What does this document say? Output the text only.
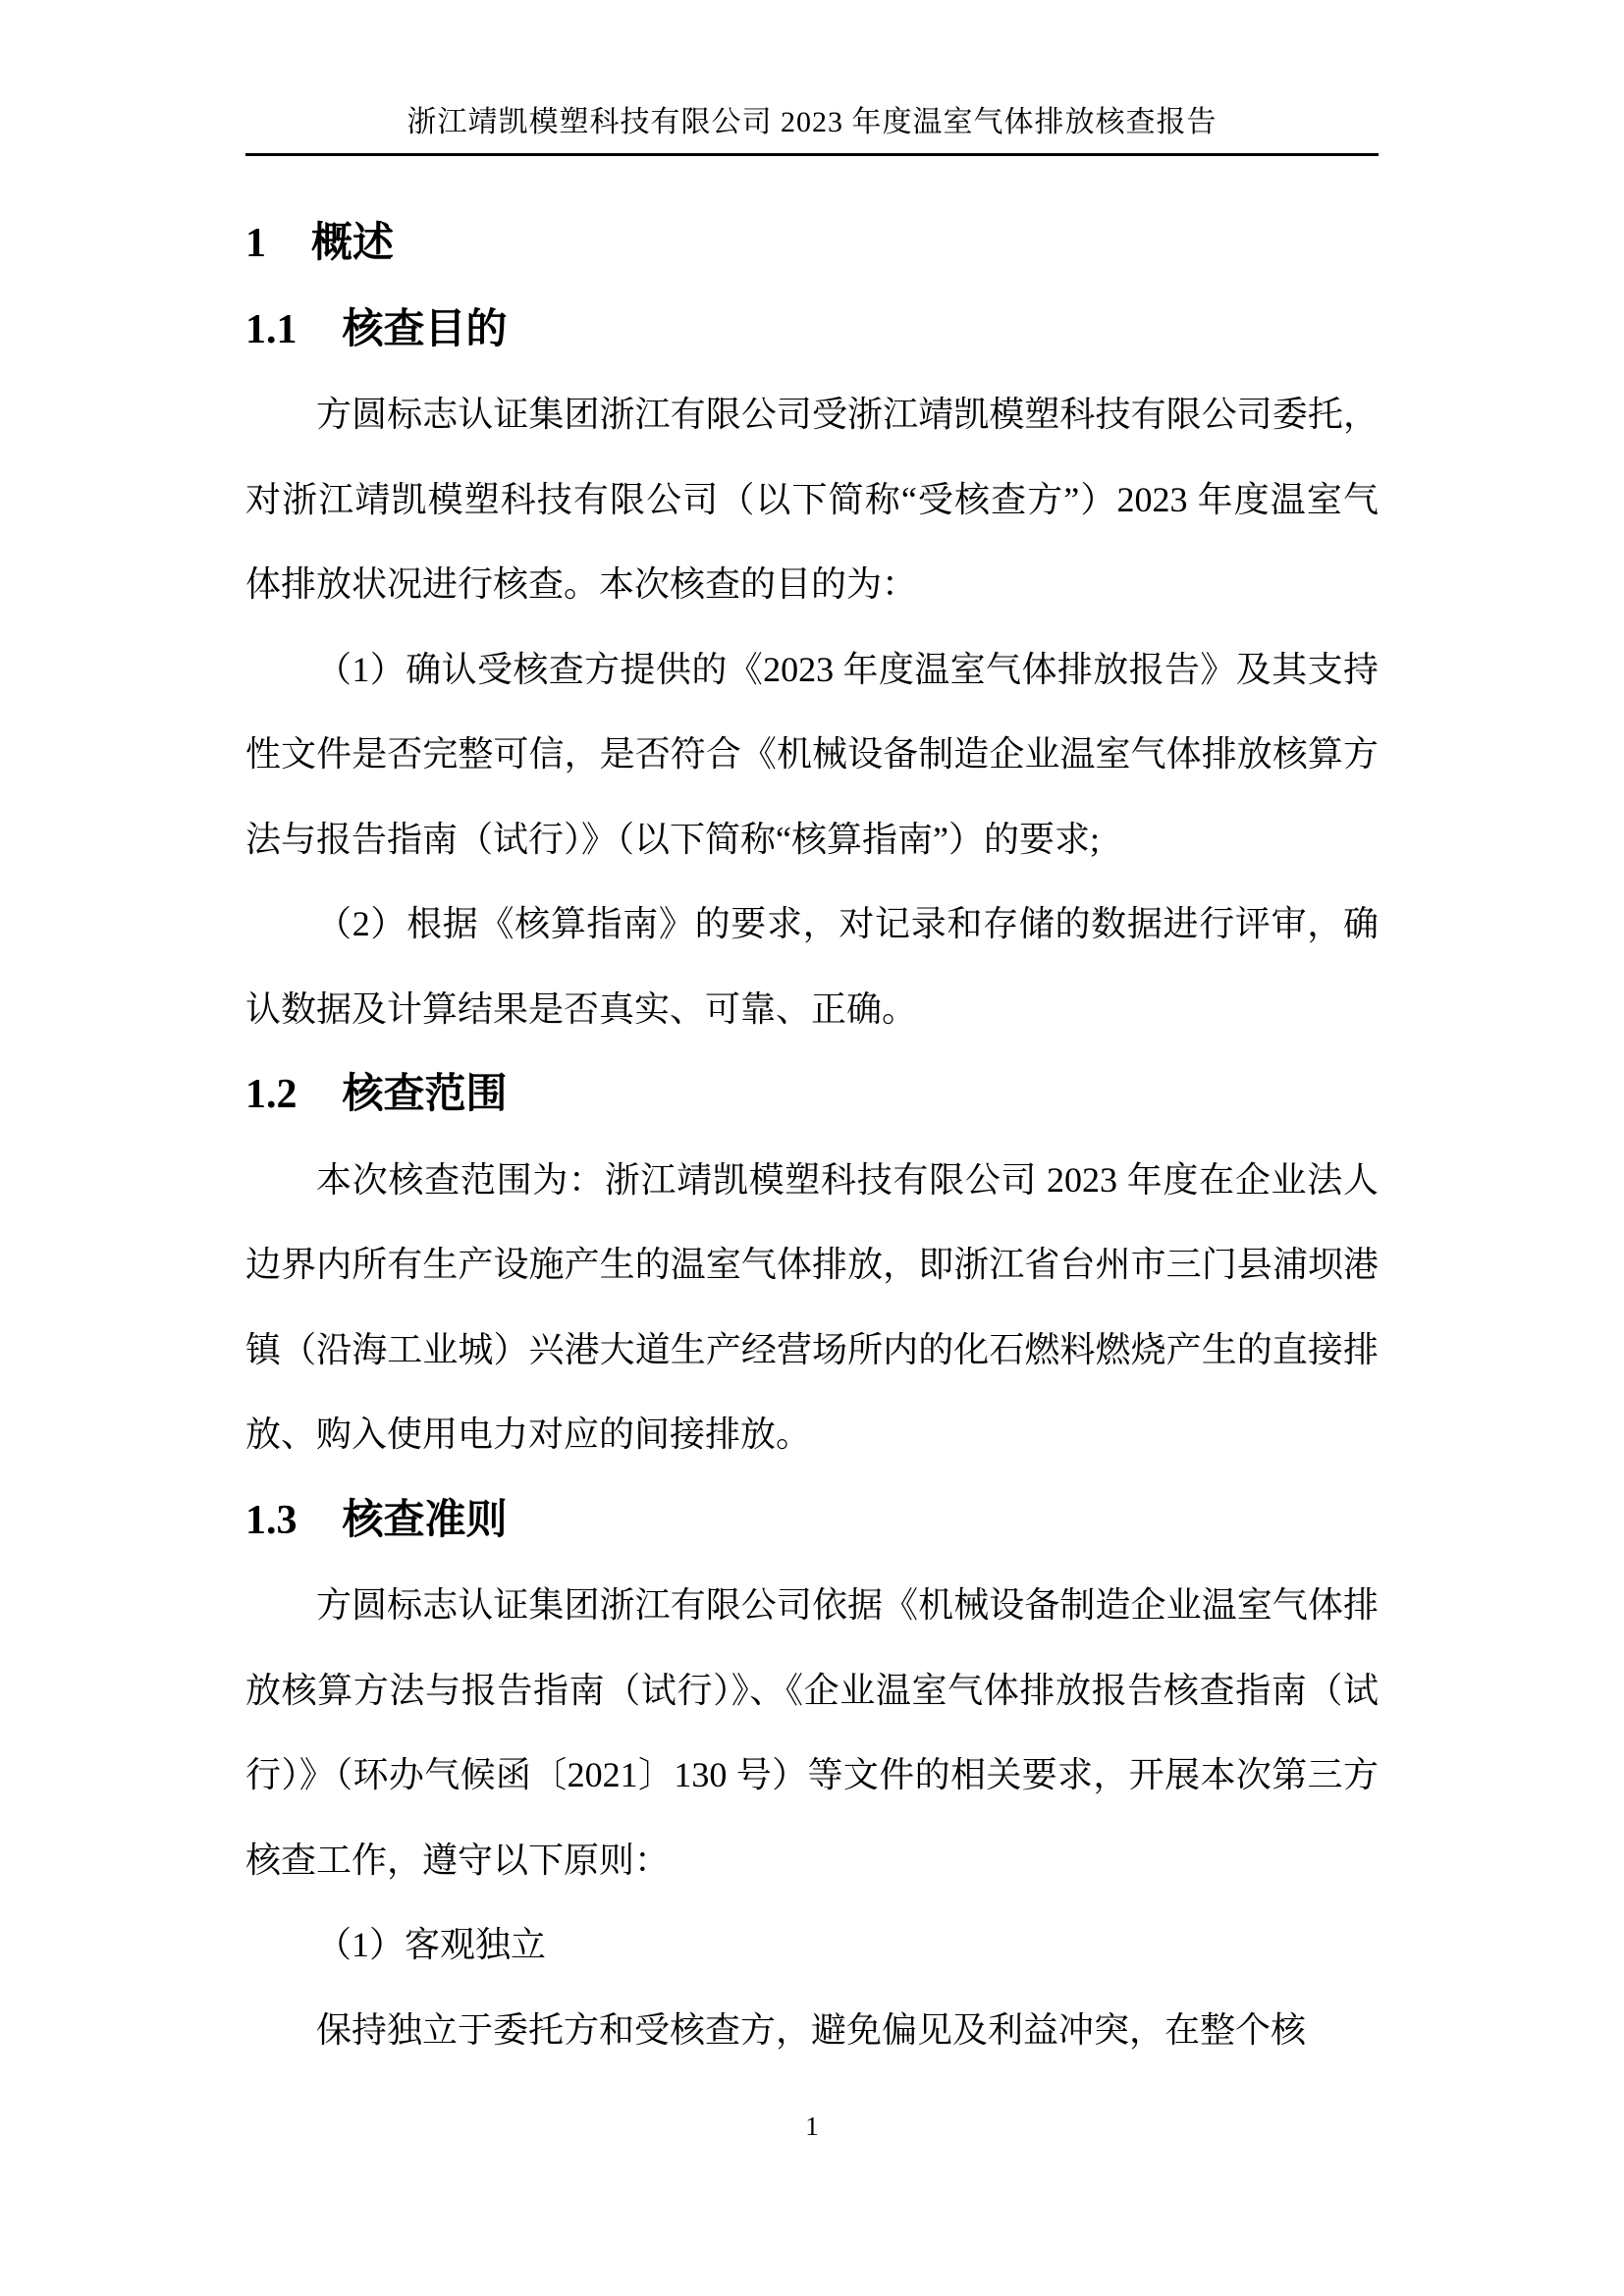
浙江靖凯模塑科技有限公司 2023 年度温室气体排放核查报告
1 概述
1.1 核查目的

方圆标志认证集团浙江有限公司受浙江靖凯模塑科技有限公司委托，对浙江靖凯模塑科技有限公司（以下简称“受核查方”）2023 年度温室气体排放状况进行核查。本次核查的目的为：

（1）确认受核查方提供的《2023 年度温室气体排放报告》及其支持性文件是否完整可信，是否符合《机械设备制造企业温室气体排放核算方法与报告指南（试行）》（以下简称“核算指南”）的要求;

（2）根据《核算指南》的要求，对记录和存储的数据进行评审，确认数据及计算结果是否真实、可靠、正确。

1.2 核查范围

本次核查范围为：浙江靖凯模塑科技有限公司 2023 年度在企业法人边界内所有生产设施产生的温室气体排放，即浙江省台州市三门县浦坝港镇（沿海工业城）兴港大道生产经营场所内的化石燃料燃烧产生的直接排放、购入使用电力对应的间接排放。

1.3 核查准则

方圆标志认证集团浙江有限公司依据《机械设备制造企业温室气体排放核算方法与报告指南（试行）》、《企业温室气体排放报告核查指南（试行）》（环办气候函〔2021〕130 号）等文件的相关要求，开展本次第三方核查工作，遵守以下原则：

（1）客观独立

保持独立于委托方和受核查方，避免偏见及利益冲突，在整个核

1
